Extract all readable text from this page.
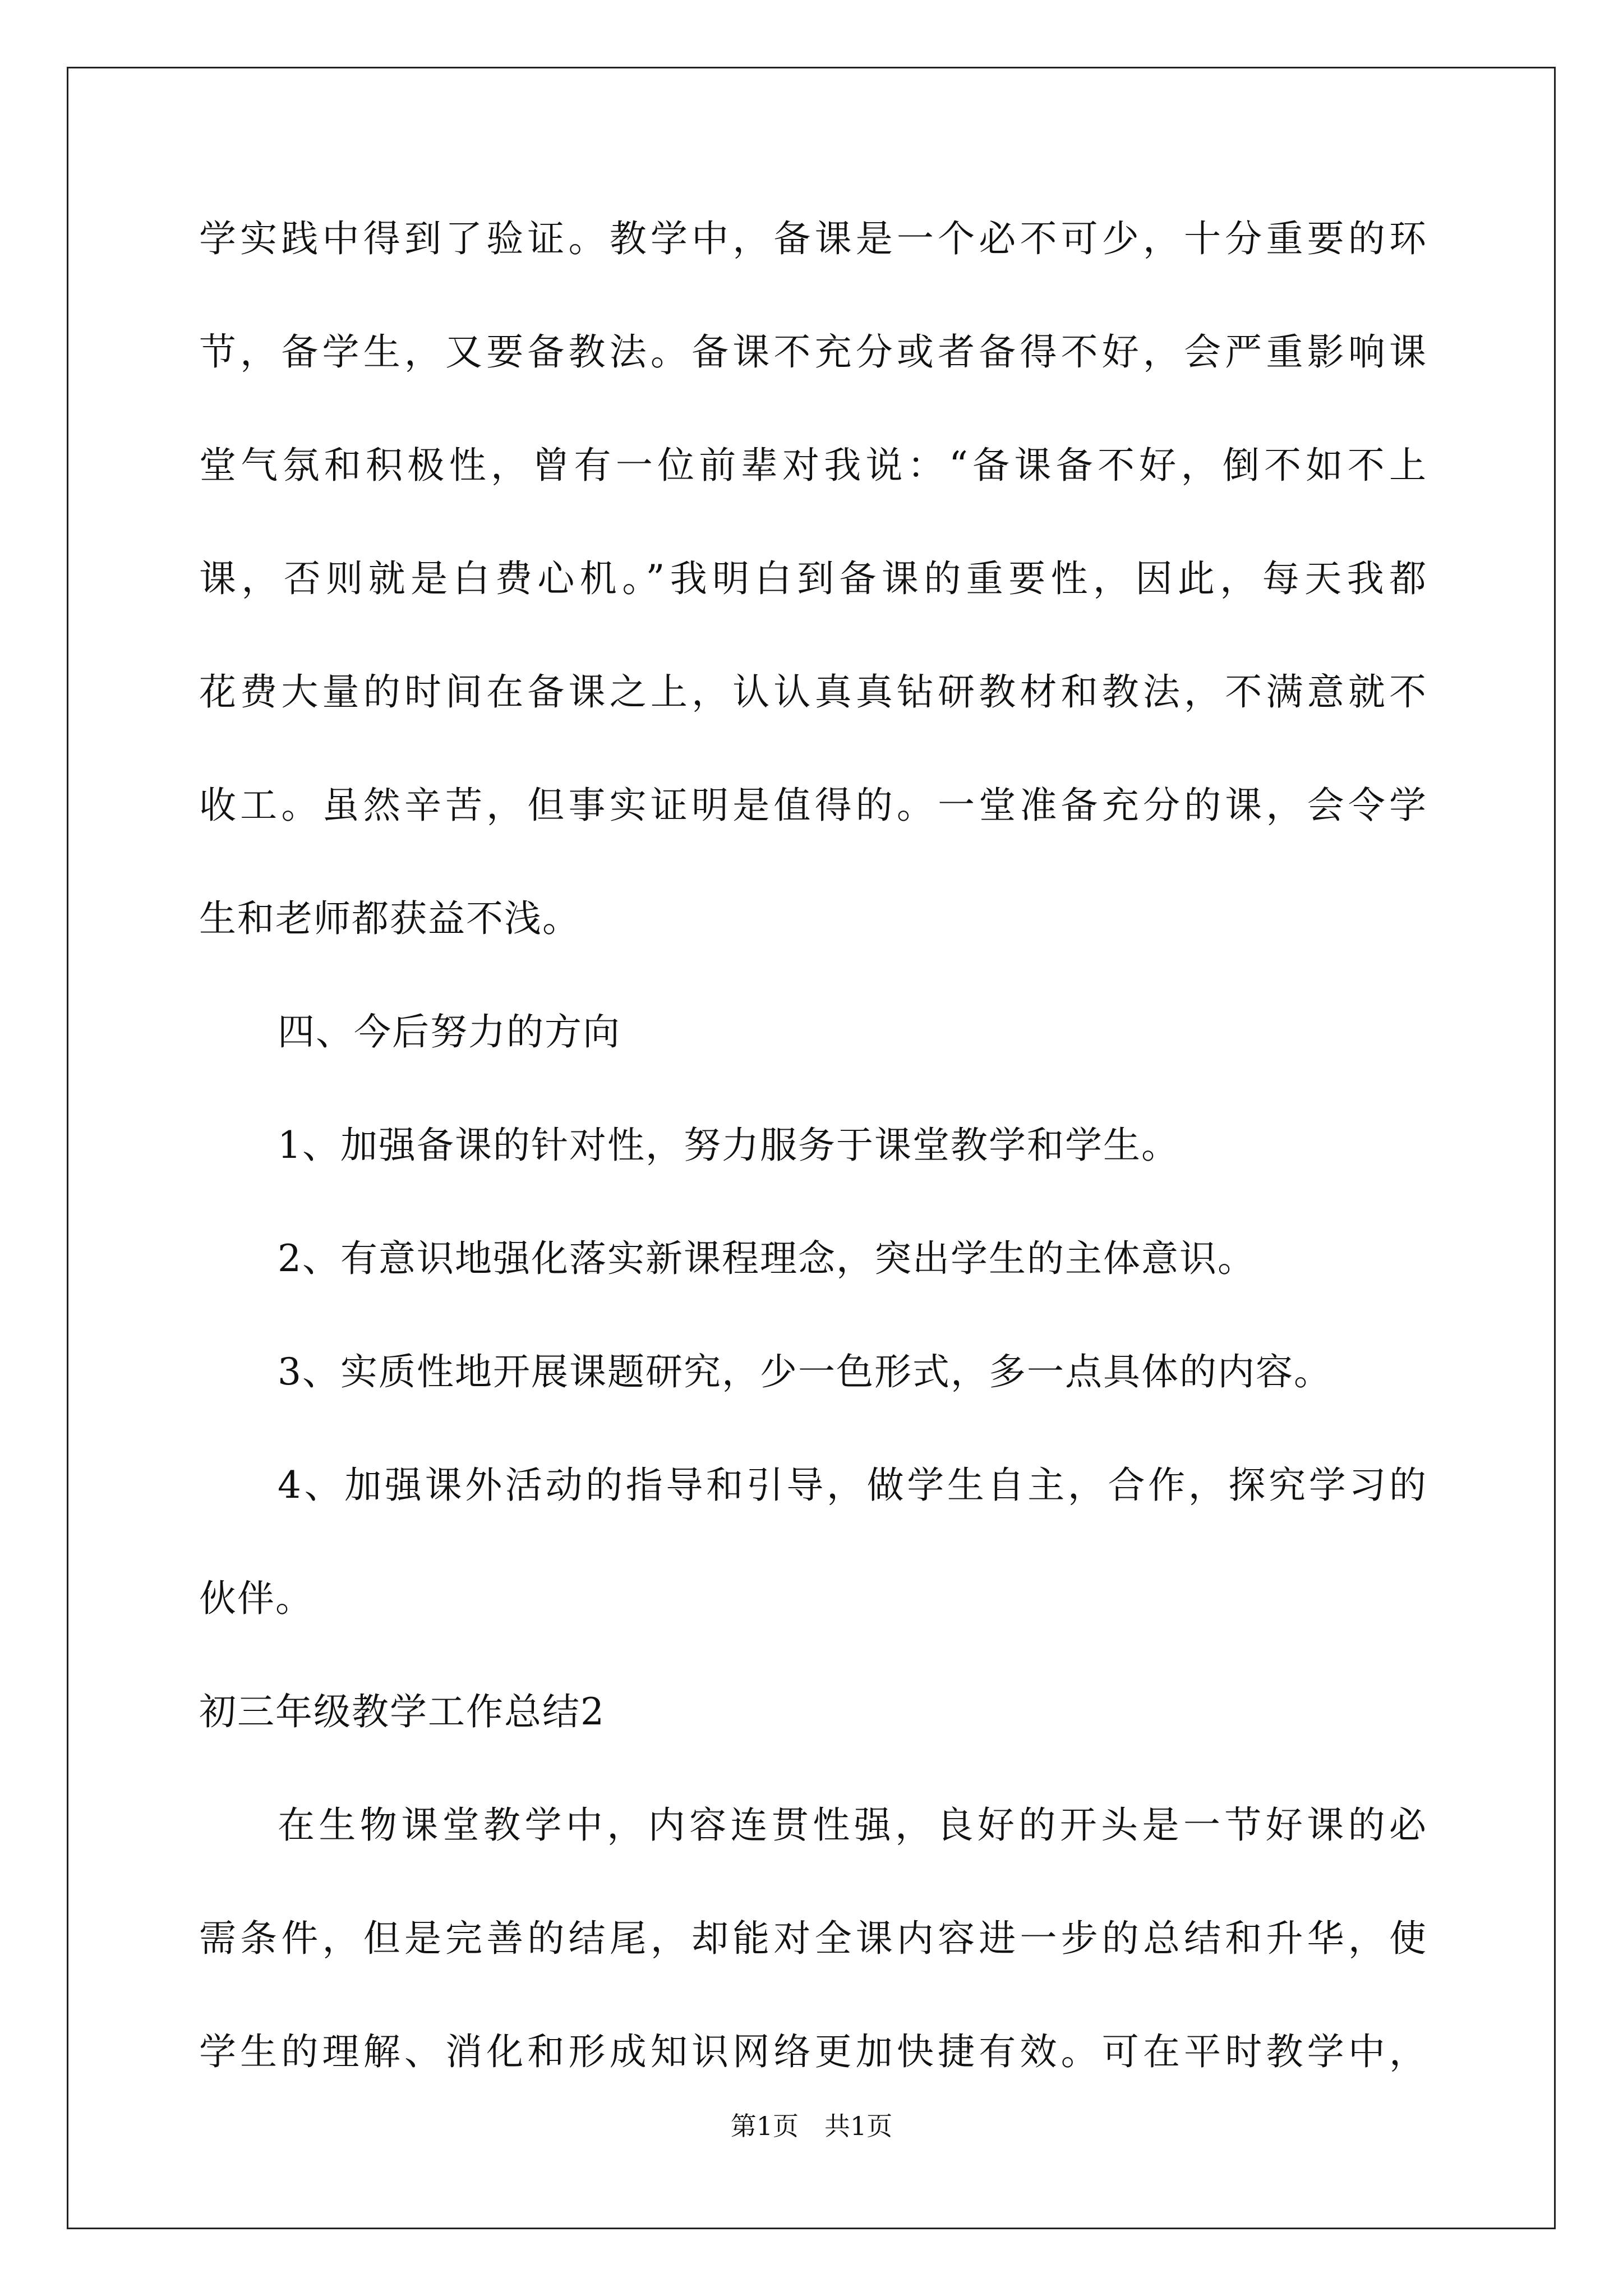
学实践中得到了验证。教学中，备课是一个必不可少，十分重要的环
节，备学生，又要备教法。备课不充分或者备得不好，会严重影响课
堂气氛和积极性，曾有一位前辈对我说：“备课备不好，倒不如不上
课，否则就是白费心机。”我明白到备课的重要性，因此，每天我都
花费大量的时间在备课之上，认认真真钻研教材和教法，不满意就不
收工。虽然辛苦，但事实证明是值得的。一堂准备充分的课，会令学
生和老师都获益不浅。
四、今后努力的方向
1、加强备课的针对性，努力服务于课堂教学和学生。
2、有意识地强化落实新课程理念，突出学生的主体意识。
3、实质性地开展课题研究，少一色形式，多一点具体的内容。
4、加强课外活动的指导和引导，做学生自主，合作，探究学习的
伙伴。
初三年级教学工作总结2
在生物课堂教学中，内容连贯性强，良好的开头是一节好课的必
需条件，但是完善的结尾，却能对全课内容进一步的总结和升华，使
学生的理解、消化和形成知识网络更加快捷有效。可在平时教学中，
第1页　共1页
